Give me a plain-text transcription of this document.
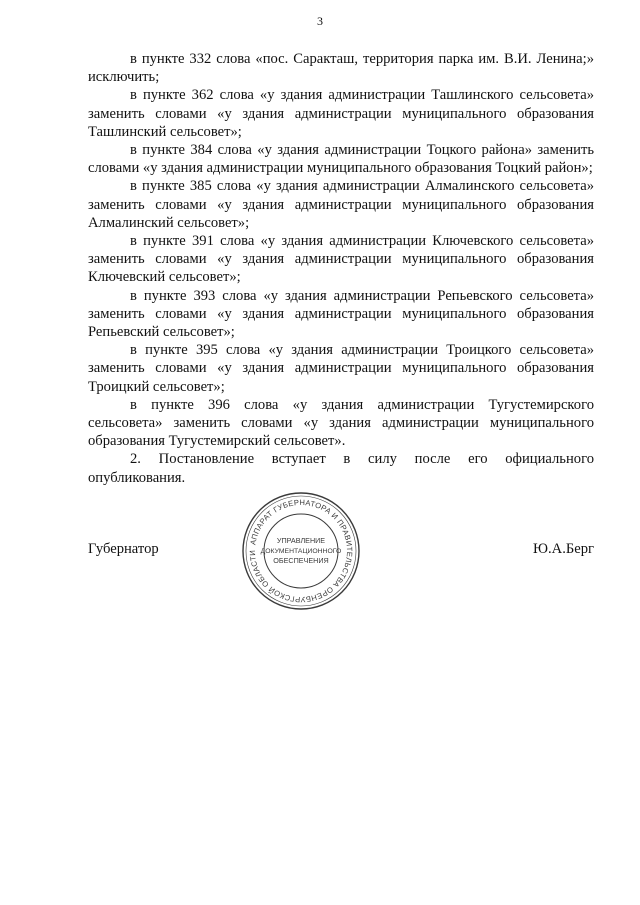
3

в пункте 332 слова «пос. Саракташ, территория парка им. В.И. Ленина;» исключить;

в пункте 362 слова «у здания администрации Ташлинского сельсовета» заменить словами «у здания администрации муниципального образования Ташлинский сельсовет»;

в пункте 384 слова «у здания администрации Тоцкого района» заменить словами «у здания администрации муниципального образования Тоцкий район»;

в пункте 385 слова «у здания администрации Алмалинского сельсовета» заменить словами «у здания администрации муниципального образования Алмалинский сельсовет»;

в пункте 391 слова «у здания администрации Ключевского сельсовета» заменить словами «у здания администрации муниципального образования Ключевский сельсовет»;

в пункте 393 слова «у здания администрации Репьевского сельсовета» заменить словами «у здания администрации муниципального образования Репьевский сельсовет»;

в пункте 395 слова «у здания администрации Троицкого сельсовета» заменить словами «у здания администрации муниципального образования Троицкий сельсовет»;

в пункте 396 слова «у здания администрации Тугустемирского сельсовета» заменить словами «у здания администрации муниципального образования Тугустемирский сельсовет».

2. Постановление вступает в силу после его официального опубликования.

Губернатор	Ю.А.Берг
АППАРАТ ГУБЕРНАТОРА И ПРАВИТЕЛЬСТВА ОРЕНБУРГСКОЙ ОБЛАСТИ
УПРАВЛЕНИЕ
ДОКУМЕНТАЦИОННОГО
ОБЕСПЕЧЕНИЯ
